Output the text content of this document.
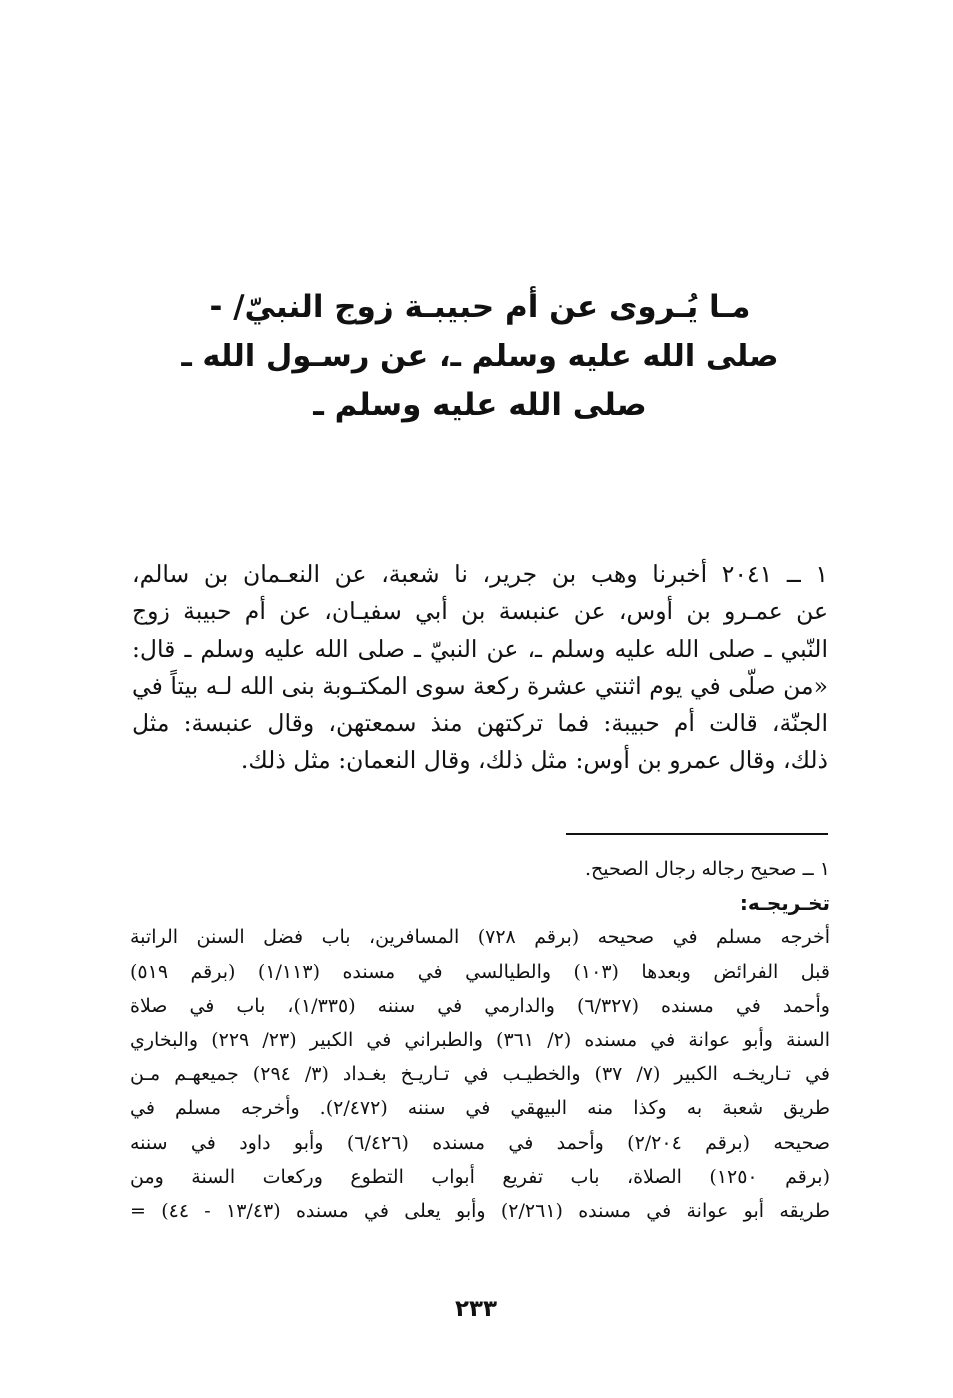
مـا يُـروى عن أم حبيبـة زوج النبيّ/ -
صلى الله عليه وسلم ـ، عن رسـول الله ـ
صلى الله عليه وسلم ـ
١ ــ ٢٠٤١ أخبرنا وهب بن جرير، نا شعبة، عن النعـمان بن سالم،
عن عمـرو بن أوس، عن عنبسة بن أبي سفيـان، عن أم حبيبة زوج
النّبي ـ صلى الله عليه وسلم ـ، عن النبيّ ـ صلى الله عليه وسلم ـ قال:
«من صلّى في يوم اثنتي عشرة ركعة سوى المكتـوبة بنى الله لـه بيتاً في
الجنّة، قالت أم حبيبة: فما تركتهن منذ سمعتهن، وقال عنبسة: مثل
ذلك، وقال عمرو بن أوس: مثل ذلك، وقال النعمان: مثل ذلك.
١ ــ صحيح رجاله رجال الصحيح.
تخـريجـه:
أخرجه مسلم في صحيحه (برقم ٧٢٨) المسافرين، باب فضل السنن الراتبة
قبل الفرائض وبعدها (١٠٣) والطيالسي في مسنده (١/١١٣) (برقم ٥١٩)
وأحمد في مسنده (٦/٣٢٧) والدارمي في سننه (١/٣٣٥)، باب في صلاة
السنة وأبو عوانة في مسنده (٢/ ٣٦١) والطبراني في الكبير (٢٣/ ٢٢٩) والبخاري
في تـاريخـه الكبير (٧/ ٣٧) والخطيـب في تـاريـخ بغـداد (٣/ ٢٩٤) جميعهـم مـن
طريق شعبة به وكذا منه البيهقي في سننه (٢/٤٧٢). وأخرجه مسلم في
صحيحه (برقم ٢/٢٠٤) وأحمد في مسنده (٦/٤٢٦) وأبو داود في سننه
(برقم ١٢٥٠) الصلاة، باب تفريع أبواب التطوع وركعات السنة ومن
طريقه أبو عوانة في مسنده (٢/٢٦١) وأبو يعلى في مسنده (١٣/٤٣ - ٤٤) =
٢٣٣
